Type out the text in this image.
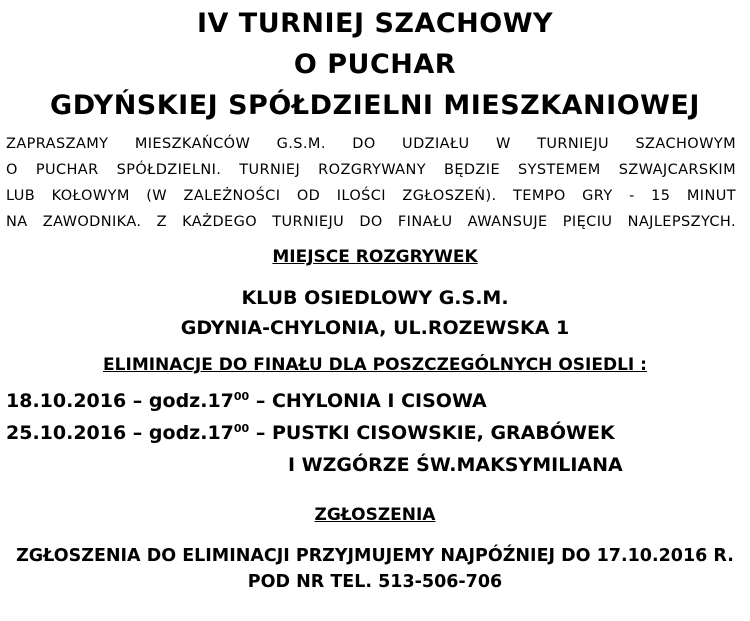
IV TURNIEJ SZACHOWY

O PUCHAR

GDYŃSKIEJ SPÓŁDZIELNI MIESZKANIOWEJ

ZAPRASZAMY MIESZKAŃCÓW G.S.M. DO UDZIAŁU W TURNIEJU SZACHOWYM
O PUCHAR SPÓŁDZIELNI. TURNIEJ ROZGRYWANY BĘDZIE SYSTEMEM SZWAJCARSKIM
LUB KOŁOWYM (W ZALEŻNOŚCI OD ILOŚCI ZGŁOSZEŃ). TEMPO GRY - 15 MINUT
NA ZAWODNIKA. Z KAŻDEGO TURNIEJU DO FINAŁU AWANSUJE PIĘCIU NAJLEPSZYCH.

MIEJSCE ROZGRYWEK

KLUB OSIEDLOWY G.S.M.

GDYNIA-CHYLONIA, UL.ROZEWSKA 1

ELIMINACJE DO FINAŁU DLA POSZCZEGÓLNYCH OSIEDLI :

$18.10.2016 - godz.17^{00}$ – CHYLONIA I CISOWA

$25.10.2016 - godz.17^{00}$ – PUSTKI CISOWSKIE, GRABÓWEK

I WZGÓRZE ŚW.MAKSYMILIANA

ZGŁOSZENIA

ZGŁOSZENIA DO ELIMINACJI PRZYJMUJEMY NAJPÓŹNIEJ DO 17.10.2016 R.

POD NR TEL. 513-506-706
